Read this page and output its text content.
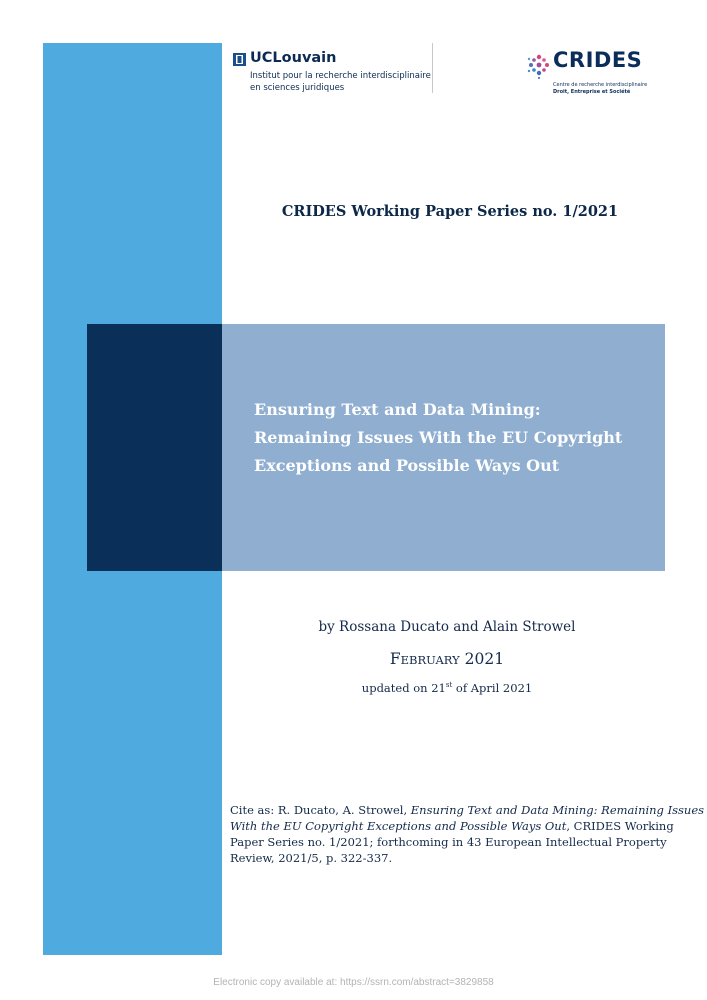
UCLouvain
Institut pour la recherche interdisciplinaire
en sciences juridiques
CRIDES
Centre de recherche interdisciplinaire
Droit, Entreprise et Société
CRIDES Working Paper Series no. 1/2021
Ensuring Text and Data Mining:
Remaining Issues With the EU Copyright
Exceptions and Possible Ways Out
by Rossana Ducato and Alain Strowel
FEBRUARY 2021
updated on 21st of April 2021
Cite as: R. Ducato, A. Strowel, Ensuring Text and Data Mining: Remaining Issues
With the EU Copyright Exceptions and Possible Ways Out, CRIDES Working
Paper Series no. 1/2021; forthcoming in 43 European Intellectual Property
Review, 2021/5, p. 322-337.
Electronic copy available at: https://ssrn.com/abstract=3829858
